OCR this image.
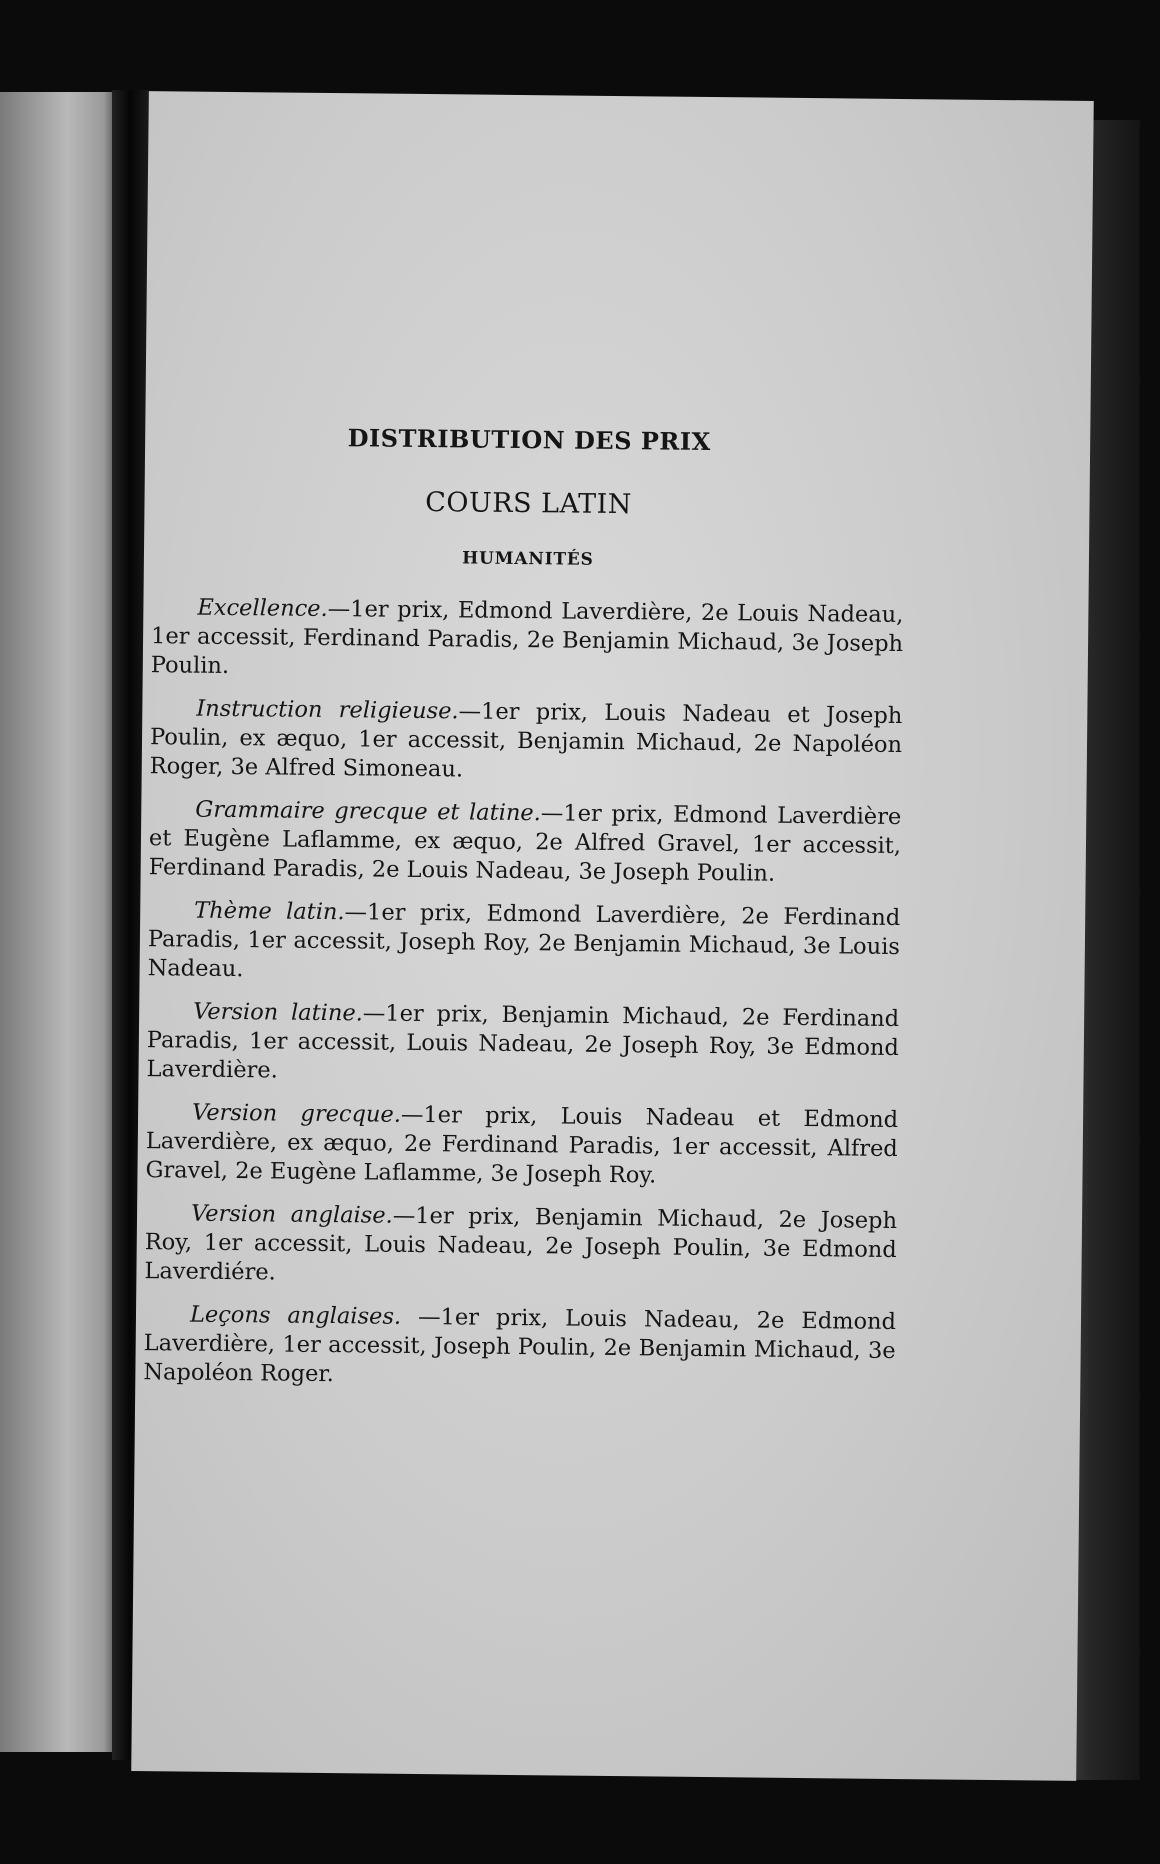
DISTRIBUTION DES PRIX
COURS LATIN
HUMANITÉS

Excellence.—1er prix, Edmond Laverdière, 2e Louis Nadeau, 1er accessit, Ferdinand Paradis, 2e Benjamin Michaud, 3e Joseph Poulin.

Instruction religieuse.—1er prix, Louis Nadeau et Joseph Poulin, ex æquo, 1er accessit, Benjamin Michaud, 2e Napoléon Roger, 3e Alfred Simoneau.

Grammaire grecque et latine.—1er prix, Edmond Laverdière et Eugène Laflamme, ex æquo, 2e Alfred Gravel, 1er accessit, Ferdinand Paradis, 2e Louis Nadeau, 3e Joseph Poulin.

Thème latin.—1er prix, Edmond Laverdière, 2e Ferdinand Paradis, 1er accessit, Joseph Roy, 2e Benjamin Michaud, 3e Louis Nadeau.

Version latine.—1er prix, Benjamin Michaud, 2e Ferdinand Paradis, 1er accessit, Louis Nadeau, 2e Joseph Roy, 3e Edmond Laverdière.

Version grecque.—1er prix, Louis Nadeau et Edmond Laverdière, ex æquo, 2e Ferdinand Paradis, 1er accessit, Alfred Gravel, 2e Eugène Laflamme, 3e Joseph Roy.

Version anglaise.—1er prix, Benjamin Michaud, 2e Joseph Roy, 1er accessit, Louis Nadeau, 2e Joseph Poulin, 3e Edmond Laverdiére.

Leçons anglaises. —1er prix, Louis Nadeau, 2e Edmond Laverdière, 1er accessit, Joseph Poulin, 2e Benjamin Michaud, 3e Napoléon Roger.
